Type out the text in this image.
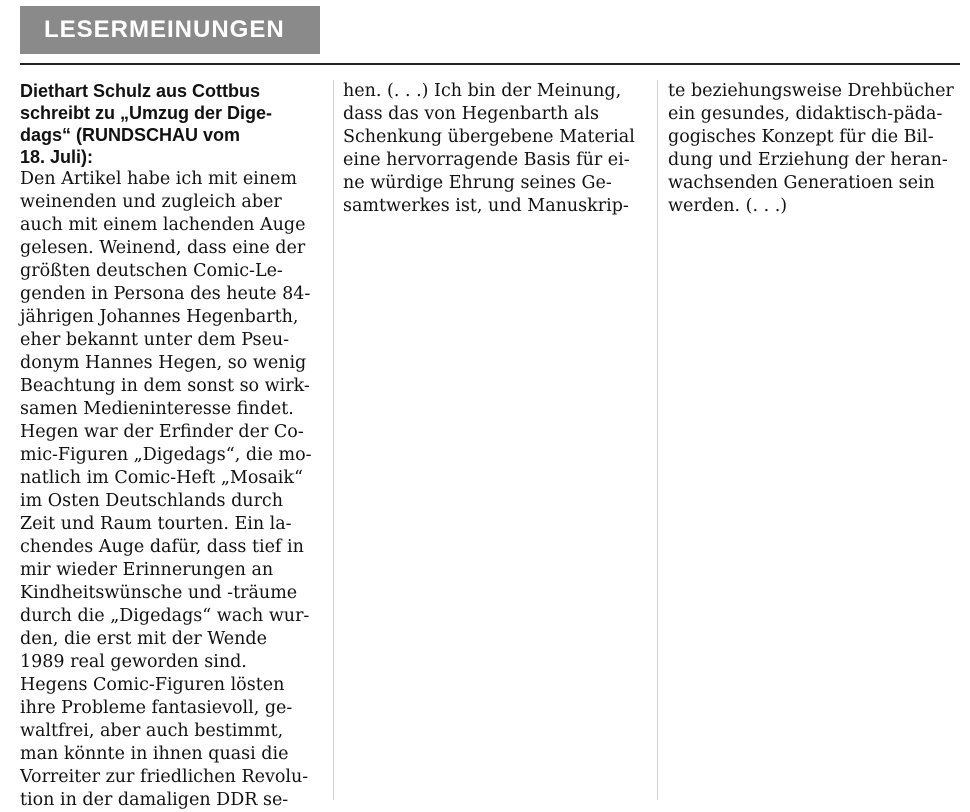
LESERMEINUNGEN
Diethart Schulz aus Cottbus
schreibt zu „Umzug der Dige-
dags“ (RUNDSCHAU vom
18. Juli):
Den Artikel habe ich mit einem
weinenden und zugleich aber
auch mit einem lachenden Auge
gelesen. Weinend, dass eine der
größten deutschen Comic-Le-
genden in Persona des heute 84-
jährigen Johannes Hegenbarth,
eher bekannt unter dem Pseu-
donym Hannes Hegen, so wenig
Beachtung in dem sonst so wirk-
samen Medieninteresse findet.
Hegen war der Erfinder der Co-
mic-Figuren „Digedags“, die mo-
natlich im Comic-Heft „Mosaik“
im Osten Deutschlands durch
Zeit und Raum tourten. Ein la-
chendes Auge dafür, dass tief in
mir wieder Erinnerungen an
Kindheitswünsche und -träume
durch die „Digedags“ wach wur-
den, die erst mit der Wende
1989 real geworden sind.
Hegens Comic-Figuren lösten
ihre Probleme fantasievoll, ge-
waltfrei, aber auch bestimmt,
man könnte in ihnen quasi die
Vorreiter zur friedlichen Revolu-
tion in der damaligen DDR se-
hen. (. . .) Ich bin der Meinung,
dass das von Hegenbarth als
Schenkung übergebene Material
eine hervorragende Basis für ei-
ne würdige Ehrung seines Ge-
samtwerkes ist, und Manuskrip-
te beziehungsweise Drehbücher
ein gesundes, didaktisch-päda-
gogisches Konzept für die Bil-
dung und Erziehung der heran-
wachsenden Generatioen sein
werden. (. . .)
